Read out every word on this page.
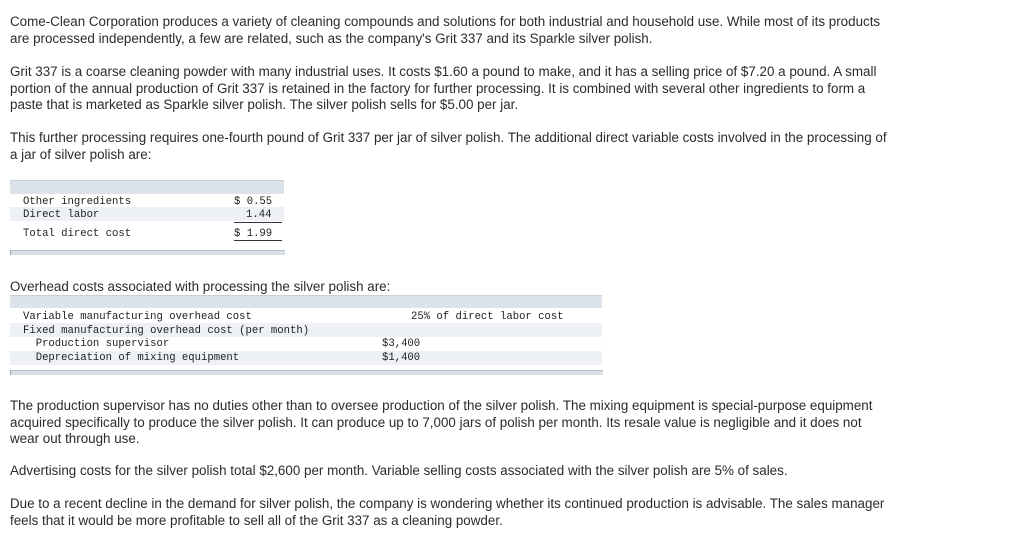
Come-Clean Corporation produces a variety of cleaning compounds and solutions for both industrial and household use. While most of its products are processed independently, a few are related, such as the company's Grit 337 and its Sparkle silver polish.

Grit 337 is a coarse cleaning powder with many industrial uses. It costs $1.60 a pound to make, and it has a selling price of $7.20 a pound. A small portion of the annual production of Grit 337 is retained in the factory for further processing. It is combined with several other ingredients to form a paste that is marketed as Sparkle silver polish. The silver polish sells for $5.00 per jar.

This further processing requires one-fourth pound of Grit 337 per jar of silver polish. The additional direct variable costs involved in the processing of a jar of silver polish are:

Other ingredients	$ 0.55
Direct labor	1.44
Total direct cost	$ 1.99

Overhead costs associated with processing the silver polish are:

Variable manufacturing overhead cost	25% of direct labor cost
Fixed manufacturing overhead cost (per month)
Production supervisor	$3,400
Depreciation of mixing equipment	$1,400

The production supervisor has no duties other than to oversee production of the silver polish. The mixing equipment is special-purpose equipment acquired specifically to produce the silver polish. It can produce up to 7,000 jars of polish per month. Its resale value is negligible and it does not wear out through use.

Advertising costs for the silver polish total $2,600 per month. Variable selling costs associated with the silver polish are 5% of sales.

Due to a recent decline in the demand for silver polish, the company is wondering whether its continued production is advisable. The sales manager feels that it would be more profitable to sell all of the Grit 337 as a cleaning powder.
